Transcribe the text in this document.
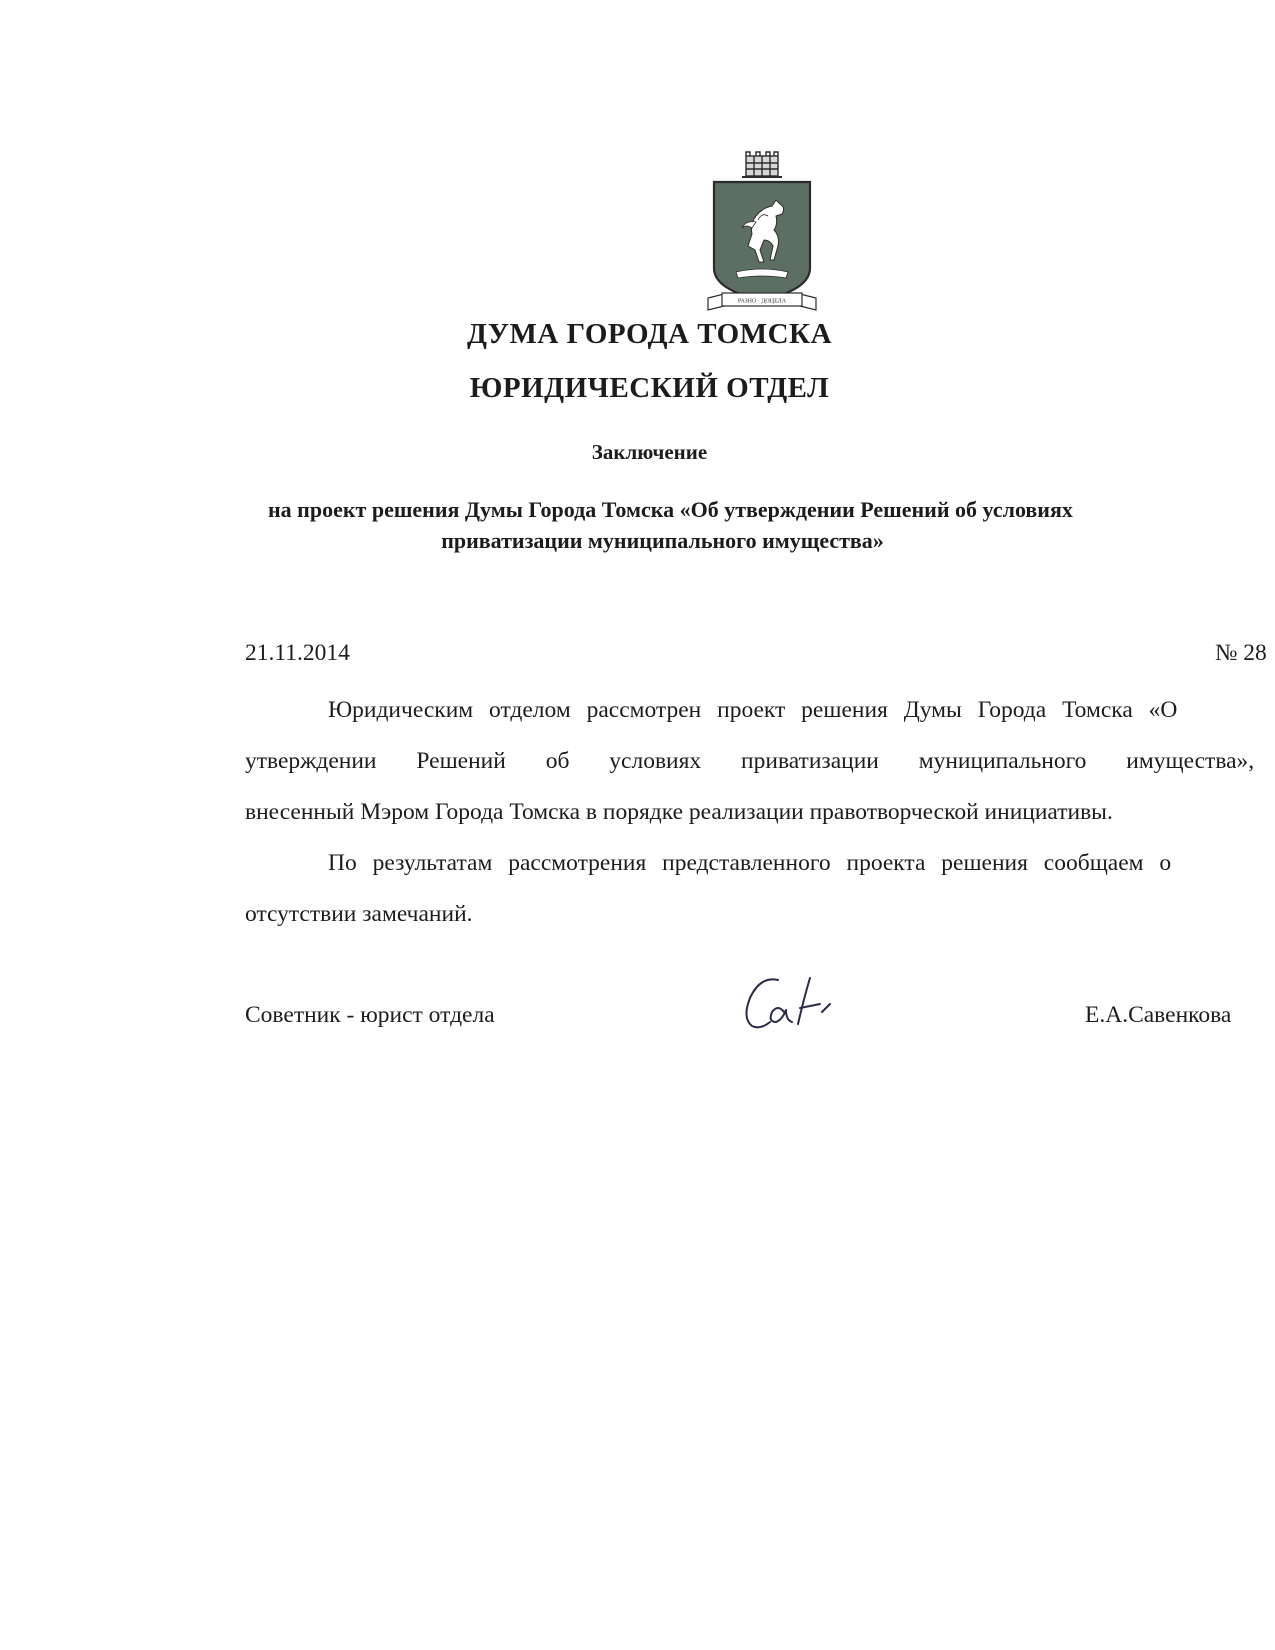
РАЗНО · ДОЦЕЛА
ДУМА ГОРОДА ТОМСКА
ЮРИДИЧЕСКИЙ ОТДЕЛ
Заключение
на проект решения Думы Города Томска «Об утверждении Решений об условиях
приватизации муниципального имущества»
21.11.2014	№ 28
Юридическим отделом рассмотрен проект решения Думы Города Томска «О
утверждении Решений об условиях приватизации муниципального имущества»,
внесенный Мэром Города Томска в порядке реализации правотворческой инициативы.
По результатам рассмотрения представленного проекта решения сообщаем о
отсутствии замечаний.
Советник - юрист отдела	Е.А.Савенкова
